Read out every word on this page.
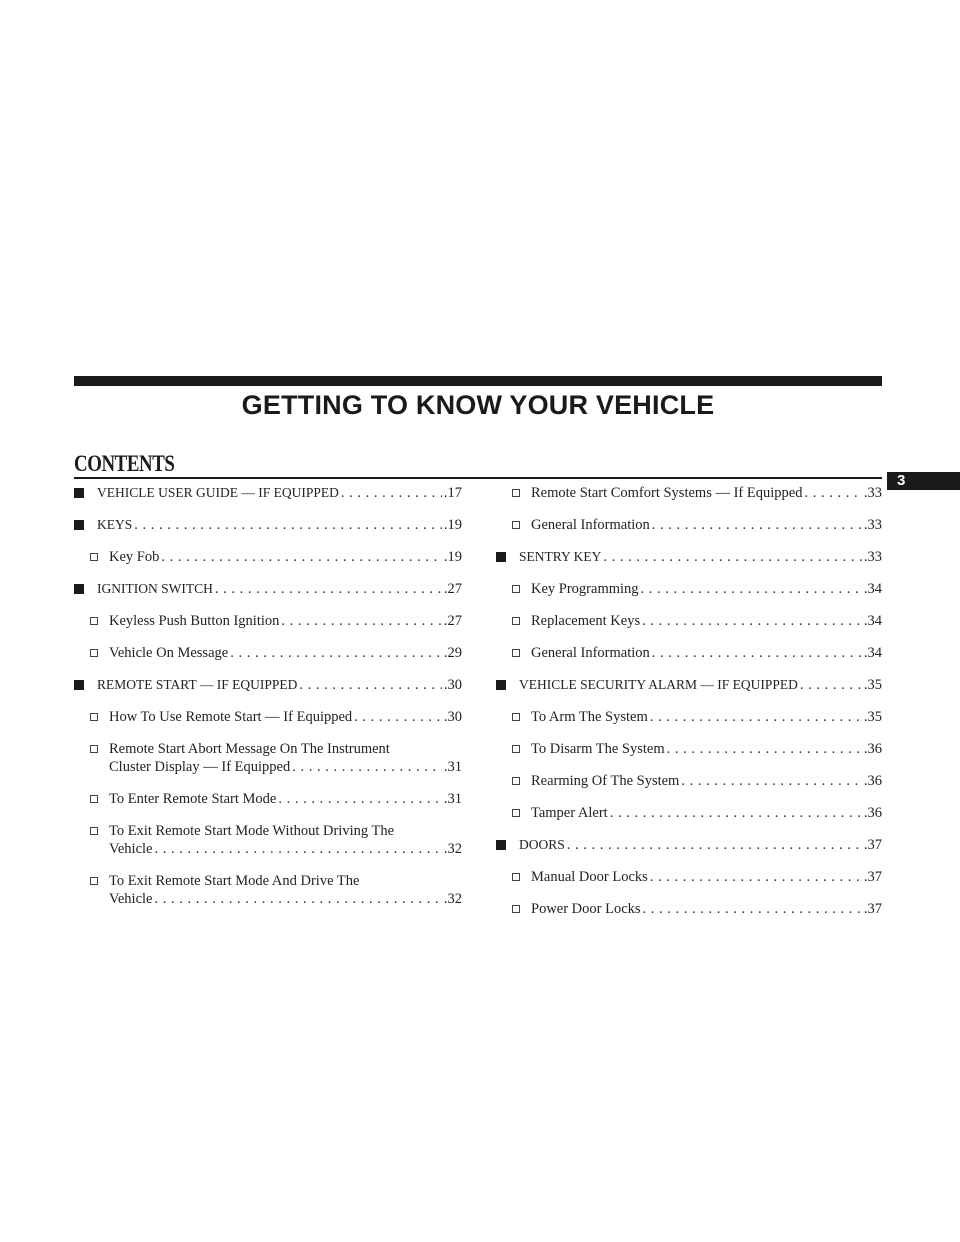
GETTING TO KNOW YOUR VEHICLE
CONTENTS
3
VEHICLE USER GUIDE — IF EQUIPPED . . .	.17
KEYS . . .	.19
Key Fob . . .	.19
IGNITION SWITCH . . .	.27
Keyless Push Button Ignition . . .	.27
Vehicle On Message . . .	.29
REMOTE START — IF EQUIPPED . . .	.30
How To Use Remote Start — If Equipped . . .	.30
Remote Start Abort Message On The Instrument
Cluster Display — If Equipped . . .	.31
To Enter Remote Start Mode . . .	.31
To Exit Remote Start Mode Without Driving The
Vehicle . . .	.32
To Exit Remote Start Mode And Drive The
Vehicle . . .	.32
Remote Start Comfort Systems — If Equipped . . .	.33
General Information . . .	.33
SENTRY KEY . . .	.33
Key Programming . . .	.34
Replacement Keys . . .	.34
General Information . . .	.34
VEHICLE SECURITY ALARM — IF EQUIPPED . . .	.35
To Arm The System . . .	.35
To Disarm The System . . .	.36
Rearming Of The System . . .	.36
Tamper Alert . . .	.36
DOORS . . .	.37
Manual Door Locks . . .	.37
Power Door Locks . . .	.37
